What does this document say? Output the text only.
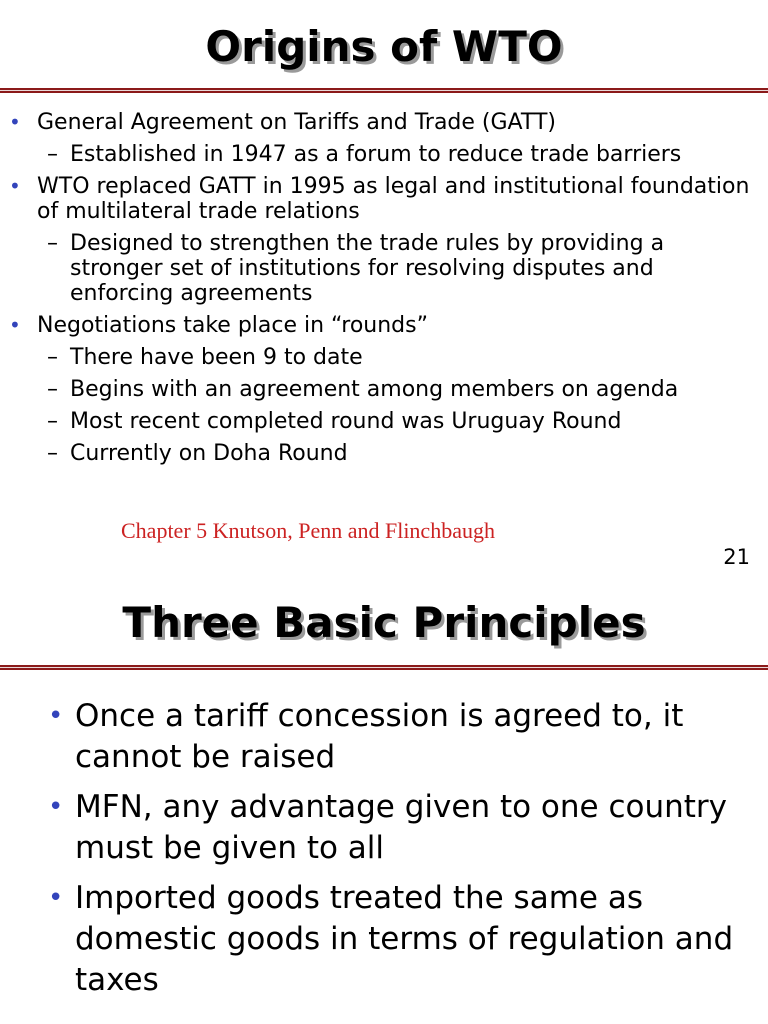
Origins of WTO
• General Agreement on Tariffs and Trade (GATT)
– Established in 1947 as a forum to reduce trade barriers
• WTO replaced GATT in 1995 as legal and institutional foundation of multilateral trade relations
– Designed to strengthen the trade rules by providing a stronger set of institutions for resolving disputes and enforcing agreements
• Negotiations take place in “rounds”
– There have been 9 to date
– Begins with an agreement among members on agenda
– Most recent completed round was Uruguay Round
– Currently on Doha Round

Chapter 5 Knutson, Penn and Flinchbaugh

21

Three Basic Principles
• Once a tariff concession is agreed to, it cannot be raised
• MFN, any advantage given to one country must be given to all
• Imported goods treated the same as domestic goods in terms of regulation and taxes
